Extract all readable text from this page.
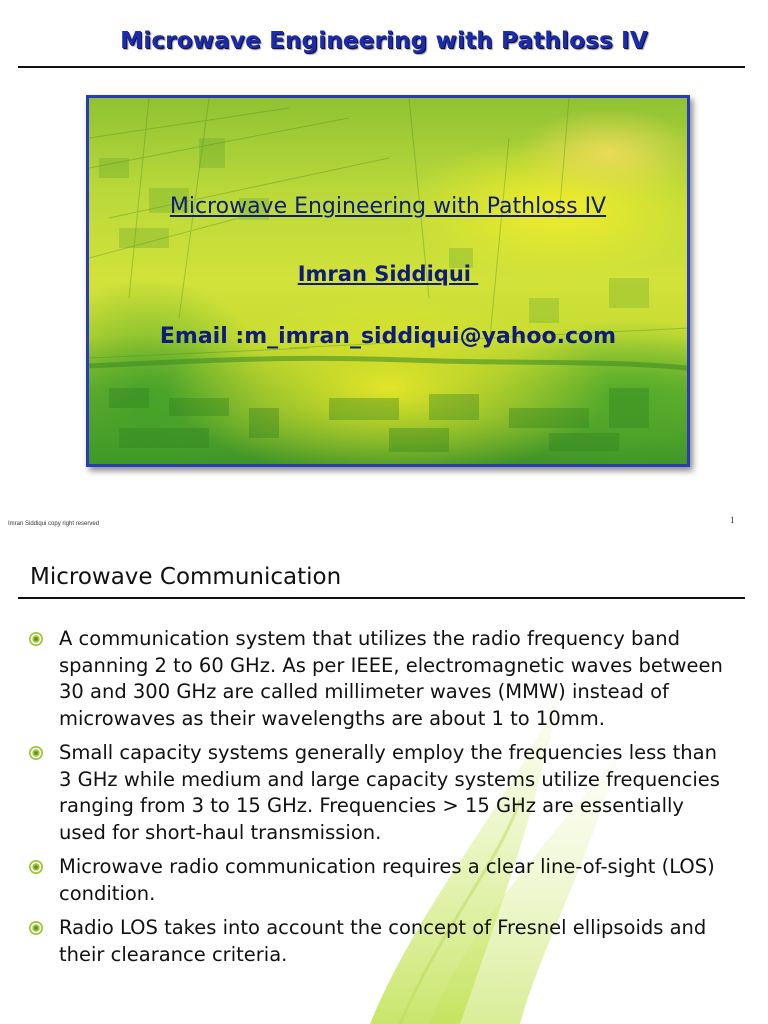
Microwave Engineering with Pathloss IV
Microwave Engineering with Pathloss IV
Imran Siddiqui
Email :m_imran_siddiqui@yahoo.com
Imran Siddiqui copy right reserved	1
Microwave Communication
A communication system that utilizes the radio frequency band spanning 2 to 60 GHz. As per IEEE, electromagnetic waves between 30 and 300 GHz are called millimeter waves (MMW) instead of microwaves as their wavelengths are about 1 to 10mm.
Small capacity systems generally employ the frequencies less than 3 GHz while medium and large capacity systems utilize frequencies ranging from 3 to 15 GHz. Frequencies > 15 GHz are essentially used for short-haul transmission.
Microwave radio communication requires a clear line-of-sight (LOS) condition.
Radio LOS takes into account the concept of Fresnel ellipsoids and their clearance criteria.
